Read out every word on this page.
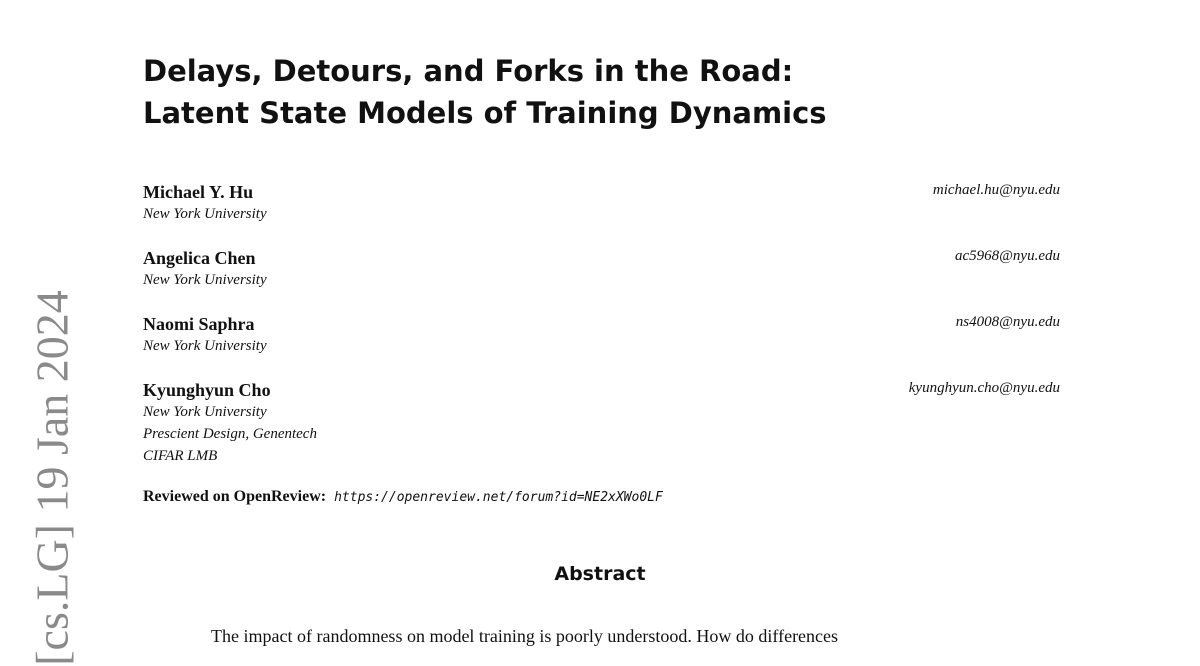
[cs.LG] 19 Jan 2024
Delays, Detours, and Forks in the Road:
Latent State Models of Training Dynamics
Michael Y. Hu
New York University
michael.hu@nyu.edu
Angelica Chen
New York University
ac5968@nyu.edu
Naomi Saphra
New York University
ns4008@nyu.edu
Kyunghyun Cho
New York University
Prescient Design, Genentech
CIFAR LMB
kyunghyun.cho@nyu.edu
Reviewed on OpenReview: https://openreview.net/forum?id=NE2xXWo0LF
Abstract
The impact of randomness on model training is poorly understood. How do differences
